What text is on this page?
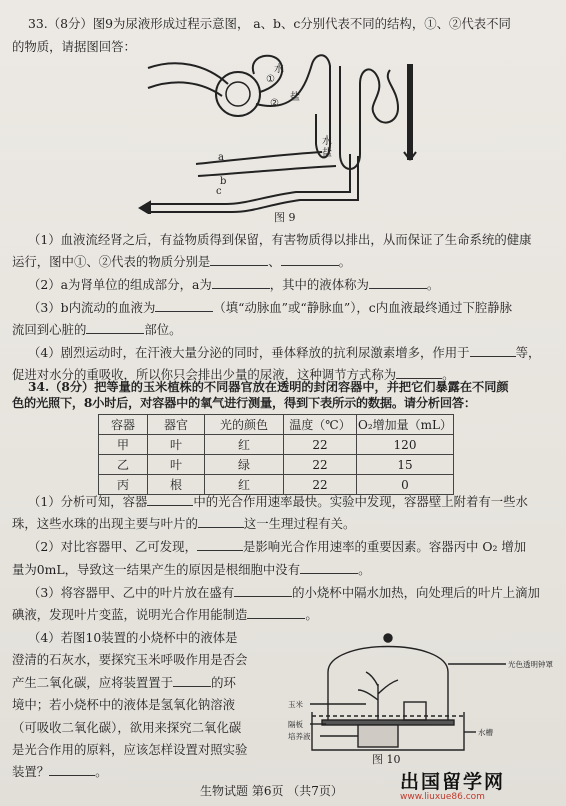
33.（8分）图9为尿液形成过程示意图， a、b、c分别代表不同的结构，①、②代表不同
的物质，请据图回答：
a
b
c
水
盐
①
②
水
盐
图 9
（1）血液流经肾之后，有益物质得到保留，有害物质得以排出，从而保证了生命系统的健康
运行，图中①、②代表的物质分别是	、	。
（2）a为肾单位的组成部分，a为	，其中的液体称为	。
（3）b内流动的血液为	（填“动脉血”或“静脉血”），c内血液最终通过下腔静脉
流回到心脏的	部位。
（4）剧烈运动时，在汗液大量分泌的同时，垂体释放的抗利尿激素增多，作用于	等，
促进对水分的重吸收，所以你只会排出少量的尿液，这种调节方式称为	。
34.（8分）把等量的玉米植株的不同器官放在透明的封闭容器中，并把它们暴露在不同颜
色的光照下，8小时后，对容器中的氧气进行测量，得到下表所示的数据。请分析回答：
容器	器官	光的颜色	温度（℃）	O₂增加量（mL）
甲	叶	红	22	120
乙	叶	绿	22	15
丙	根	红	22	0
（1）分析可知，容器	中的光合作用速率最快。实验中发现，容器壁上附着有一些水
珠，这些水珠的出现主要与叶片的	这一生理过程有关。
（2）对比容器甲、乙可发现，	是影响光合作用速率的重要因素。容器丙中 O₂ 增加
量为0mL，导致这一结果产生的原因是根细胞中没有	。
（3）将容器甲、乙中的叶片放在盛有	的小烧杯中隔水加热，向处理后的叶片上滴加
碘液，发现叶片变蓝，说明光合作用能制造	。
（4）若图10装置的小烧杯中的液体是
澄清的石灰水，要探究玉米呼吸作用是否会
产生二氧化碳，应将装置置于	的环
境中；若小烧杯中的液体是氢氧化钠溶液
（可吸收二氧化碳），欲用来探究二氧化碳
是光合作用的原料，应该怎样设置对照实验
装置？	。
光色透明钟罩
玉米
隔板
培养液	水槽
图 10
生物试题 第6页 （共7页）	出国留学网
www.liuxue86.com
